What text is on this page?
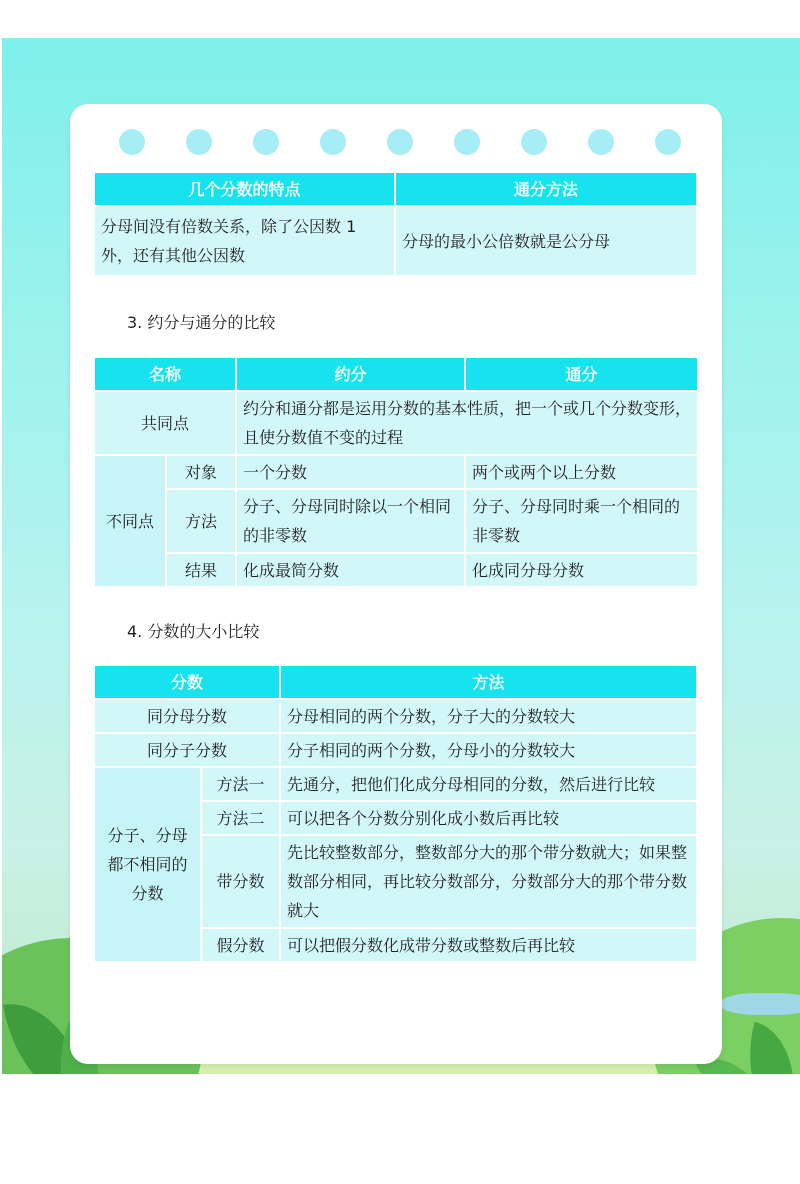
几个分数的特点	通分方法
分母间没有倍数关系，除了公因数 1 外，还有其他公因数	分母的最小公倍数就是公分母
3. 约分与通分的比较
名称		约分	通分
共同点		约分和通分都是运用分数的基本性质，把一个或几个分数变形，且使分数值不变的过程	
不同点	对象	一个分数	两个或两个以上分数
	方法	分子、分母同时除以一个相同的非零数	分子、分母同时乘一个相同的非零数
	结果	化成最简分数	化成同分母分数
4. 分数的大小比较
分数		方法
同分母分数		分母相同的两个分数，分子大的分数较大
同分子分数		分子相同的两个分数，分母小的分数较大
分子、分母都不相同的分数	方法一	先通分，把他们化成分母相同的分数，然后进行比较
	方法二	可以把各个分数分别化成小数后再比较
	带分数	先比较整数部分，整数部分大的那个带分数就大；如果整数部分相同，再比较分数部分，分数部分大的那个带分数就大
	假分数	可以把假分数化成带分数或整数后再比较
